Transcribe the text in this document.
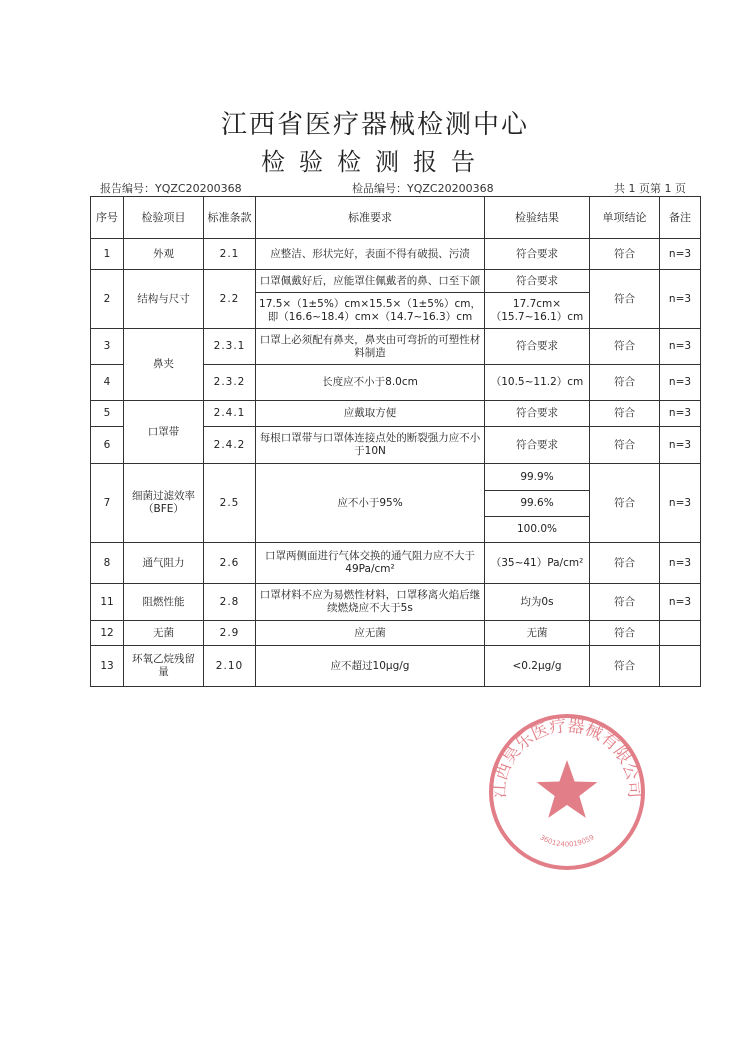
江西省医疗器械检测中心
检验检测报告
报告编号：YQZC20200368	检品编号：YQZC20200368	共 1 页第 1 页
序号	检验项目	标准条款	标准要求	检验结果	单项结论	备注
1	外观	2.1	应整洁、形状完好，表面不得有破损、污渍	符合要求	符合	n=3
2	结构与尺寸	2.2	口罩佩戴好后，应能罩住佩戴者的鼻、口至下颌	符合要求	符合	n=3
			17.5×（1±5%）cm×15.5×（1±5%）cm，即（16.6~18.4）cm×（14.7~16.3）cm	17.7cm×（15.7~16.1）cm		
3	鼻夹	2.3.1	口罩上必须配有鼻夹，鼻夹由可弯折的可塑性材料制造	符合要求	符合	n=3
4		2.3.2	长度应不小于8.0cm	（10.5~11.2）cm	符合	n=3
5	口罩带	2.4.1	应戴取方便	符合要求	符合	n=3
6		2.4.2	每根口罩带与口罩体连接点处的断裂强力应不小于10N	符合要求	符合	n=3
7	细菌过滤效率（BFE）	2.5	应不小于95%	99.9%	符合	n=3
				99.6%		
				100.0%		
8	通气阻力	2.6	口罩两侧面进行气体交换的通气阻力应不大于49Pa/cm²	（35~41）Pa/cm²	符合	n=3
11	阻燃性能	2.8	口罩材料不应为易燃性材料，口罩移离火焰后继续燃烧应不大于5s	均为0s	符合	n=3
12	无菌	2.9	应无菌	无菌	符合	
13	环氧乙烷残留量	2.10	应不超过10μg/g	<0.2μg/g	符合	
江西昊乐医疗器械有限公司
3601240019059
